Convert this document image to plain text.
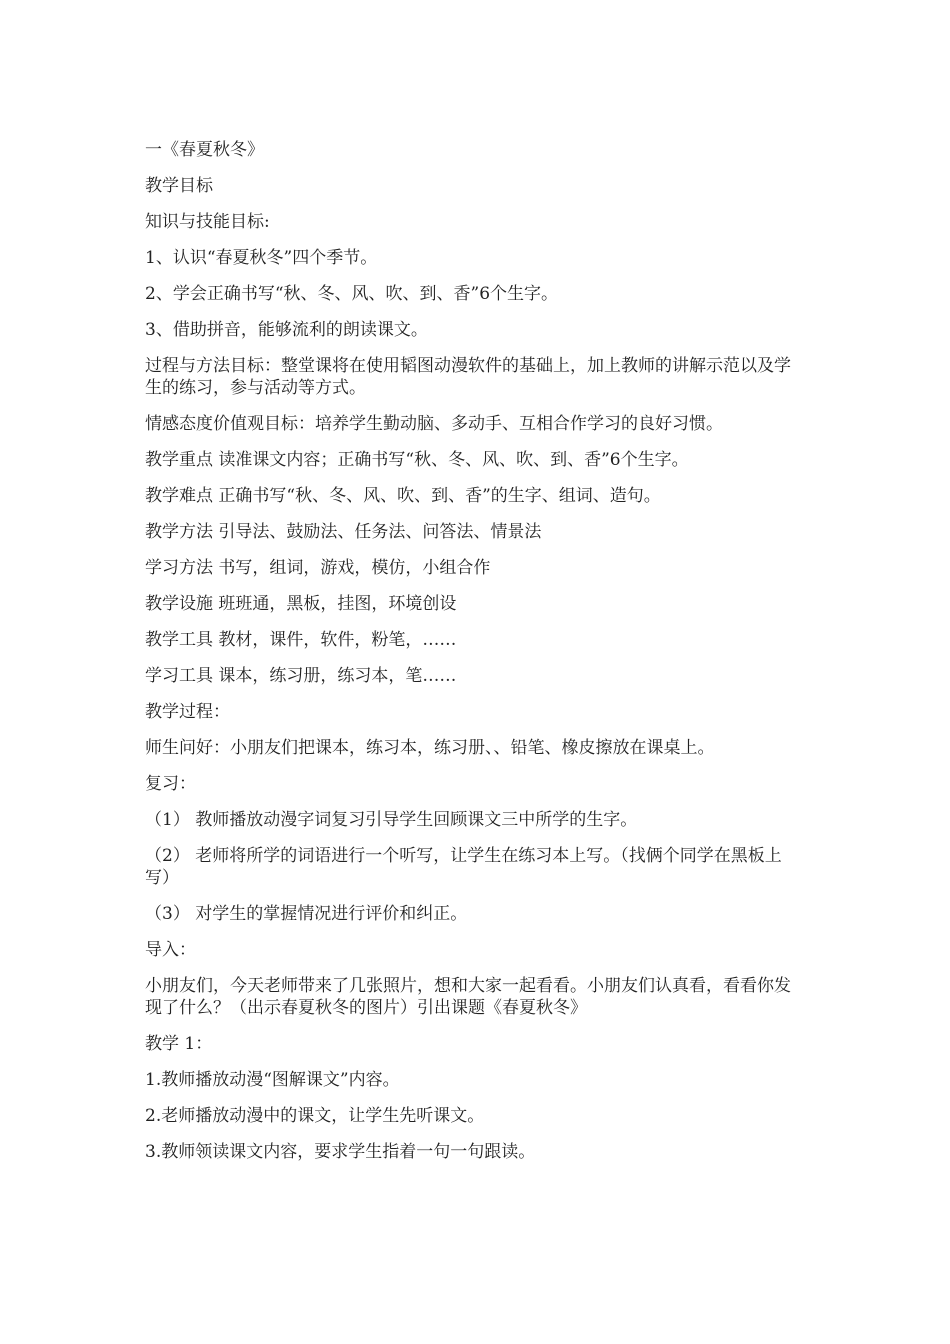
一《春夏秋冬》

教学目标

知识与技能目标:

1、认识“春夏秋冬”四个季节。

2、学会正确书写“秋、冬、风、吹、到、香”6个生字。

3、借助拼音，能够流利的朗读课文。

过程与方法目标：整堂课将在使用韬图动漫软件的基础上，加上教师的讲解示范以及学生的练习，参与活动等方式。

情感态度价值观目标：培养学生勤动脑、多动手、互相合作学习的良好习惯。

教学重点 读准课文内容；正确书写“秋、冬、风、吹、到、香”6个生字。

教学难点 正确书写“秋、冬、风、吹、到、香”的生字、组词、造句。

教学方法 引导法、鼓励法、任务法、问答法、情景法

学习方法 书写，组词，游戏，模仿，小组合作

教学设施 班班通，黑板，挂图，环境创设

教学工具 教材，课件，软件，粉笔，……

学习工具 课本，练习册，练习本，笔……

教学过程：

师生问好：小朋友们把课本，练习本，练习册、、铅笔、橡皮擦放在课桌上。

复习：

（1） 教师播放动漫字词复习引导学生回顾课文三中所学的生字。

（2） 老师将所学的词语进行一个听写，让学生在练习本上写。（找俩个同学在黑板上写）

（3） 对学生的掌握情况进行评价和纠正。

导入：

小朋友们，今天老师带来了几张照片，想和大家一起看看。小朋友们认真看，看看你发现了什么？（出示春夏秋冬的图片）引出课题《春夏秋冬》

教学 1：

1.教师播放动漫“图解课文”内容。

2.老师播放动漫中的课文，让学生先听课文。

3.教师领读课文内容，要求学生指着一句一句跟读。
